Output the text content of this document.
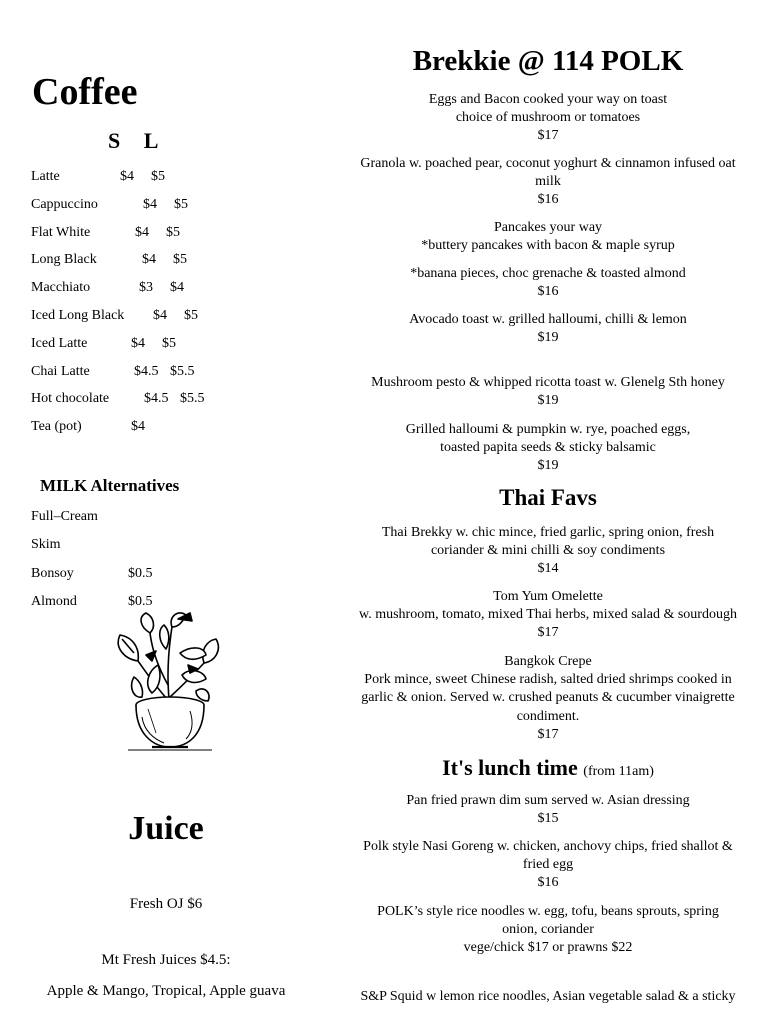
Coffee
S L
Latte	$4 $5
Cappuccino	$4 $5
Flat White	$4 $5
Long Black	$4 $5
Macchiato	$3 $4
Iced Long Black $4 $5
Iced Latte	$4 $5
Chai Latte	$4.5 $5.5
Hot chocolate $4.5 $5.5
Tea (pot)	$4
MILK Alternatives
Full–Cream
Skim
Bonsoy	$0.5
Almond	$0.5
Juice
Fresh OJ $6
Mt Fresh Juices $4.5:
Apple & Mango, Tropical, Apple guava
Brekkie @ 114 POLK
Eggs and Bacon cooked your way on toast
choice of mushroom or tomatoes
$17
Granola w. poached pear, coconut yoghurt & cinnamon infused oat
milk
$16
Pancakes your way
*buttery pancakes with bacon & maple syrup
*banana pieces, choc grenache & toasted almond
$16
Avocado toast w. grilled halloumi, chilli & lemon
$19
Mushroom pesto & whipped ricotta toast w. Glenelg Sth honey
$19
Grilled halloumi & pumpkin w. rye, poached eggs,
toasted papita seeds & sticky balsamic
$19
Thai Favs
Thai Brekky w. chic mince, fried garlic, spring onion, fresh
coriander & mini chilli & soy condiments
$14
Tom Yum Omelette
w. mushroom, tomato, mixed Thai herbs, mixed salad & sourdough
$17
Bangkok Crepe
Pork mince, sweet Chinese radish, salted dried shrimps cooked in
garlic & onion. Served w. crushed peanuts & cucumber vinaigrette
condiment.
$17
It's lunch time (from 11am)
Pan fried prawn dim sum served w. Asian dressing
$15
Polk style Nasi Goreng w. chicken, anchovy chips, fried shallot &
fried egg
$16
POLK’s style rice noodles w. egg, tofu, beans sprouts, spring
onion, coriander
vege/chick $17 or prawns $22
S&P Squid w lemon rice noodles, Asian vegetable salad & a sticky
